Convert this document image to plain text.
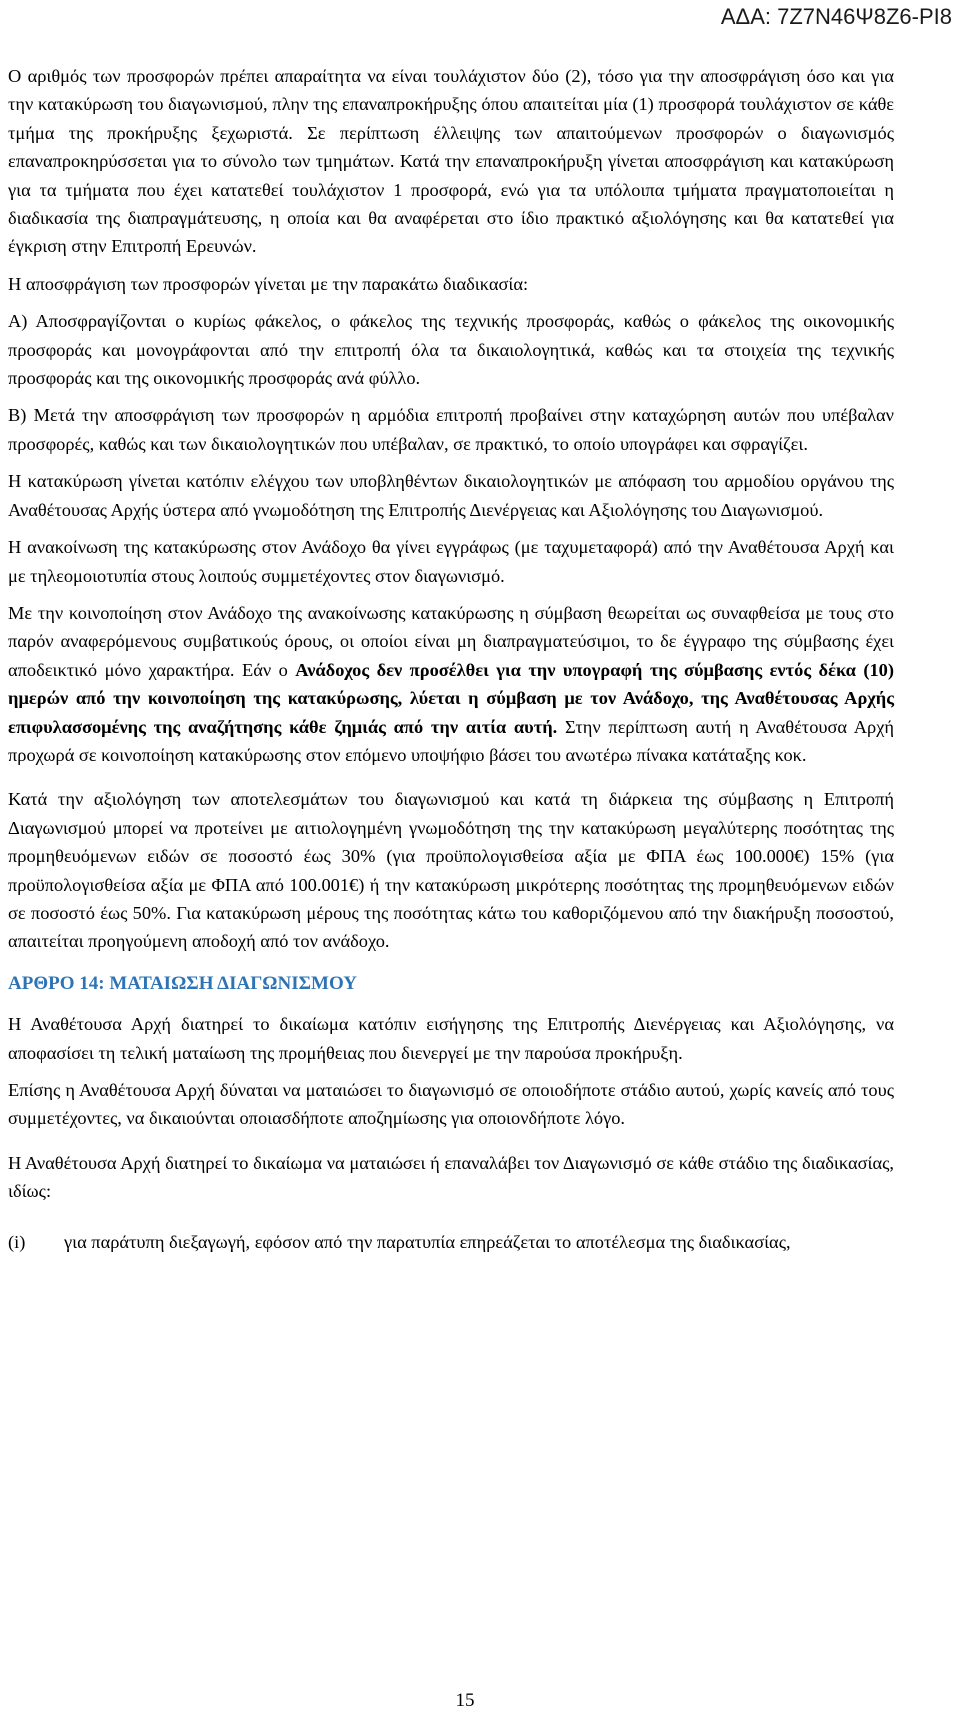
ΑΔΑ: 7Ζ7Ν46Ψ8Ζ6-ΡΙ8

Ο αριθμός των προσφορών πρέπει απαραίτητα να είναι τουλάχιστον δύο (2), τόσο για την αποσφράγιση όσο και για την κατακύρωση του διαγωνισμού, πλην της επαναπροκήρυξης όπου απαιτείται μία (1) προσφορά τουλάχιστον σε κάθε τμήμα της προκήρυξης ξεχωριστά. Σε περίπτωση έλλειψης των απαιτούμενων προσφορών ο διαγωνισμός επαναπροκηρύσσεται για το σύνολο των τμημάτων. Κατά την επαναπροκήρυξη γίνεται αποσφράγιση και κατακύρωση για τα τμήματα που έχει κατατεθεί τουλάχιστον 1 προσφορά, ενώ για τα υπόλοιπα τμήματα πραγματοποιείται η διαδικασία της διαπραγμάτευσης, η οποία και θα αναφέρεται στο ίδιο πρακτικό αξιολόγησης και θα κατατεθεί για έγκριση στην Επιτροπή Ερευνών.

Η αποσφράγιση των προσφορών γίνεται με την παρακάτω διαδικασία:

Α) Αποσφραγίζονται ο κυρίως φάκελος, ο φάκελος της τεχνικής προσφοράς, καθώς ο φάκελος της οικονομικής προσφοράς και μονογράφονται από την επιτροπή όλα τα δικαιολογητικά, καθώς και τα στοιχεία της τεχνικής προσφοράς και της οικονομικής προσφοράς ανά φύλλο.

Β) Μετά την αποσφράγιση των προσφορών η αρμόδια επιτροπή προβαίνει στην καταχώρηση αυτών που υπέβαλαν προσφορές, καθώς και των δικαιολογητικών που υπέβαλαν, σε πρακτικό, το οποίο υπογράφει και σφραγίζει.

Η κατακύρωση γίνεται κατόπιν ελέγχου των υποβληθέντων δικαιολογητικών με απόφαση του αρμοδίου οργάνου της Αναθέτουσας Αρχής ύστερα από γνωμοδότηση της Επιτροπής Διενέργειας και Αξιολόγησης του Διαγωνισμού.

Η ανακοίνωση της κατακύρωσης στον Ανάδοχο θα γίνει εγγράφως (με ταχυμεταφορά) από την Αναθέτουσα Αρχή και με τηλεομοιοτυπία στους λοιπούς συμμετέχοντες στον διαγωνισμό.

Με την κοινοποίηση στον Ανάδοχο της ανακοίνωσης κατακύρωσης η σύμβαση θεωρείται ως συναφθείσα με τους στο παρόν αναφερόμενους συμβατικούς όρους, οι οποίοι είναι μη διαπραγματεύσιμοι, το δε έγγραφο της σύμβασης έχει αποδεικτικό μόνο χαρακτήρα. Εάν ο Ανάδοχος δεν προσέλθει για την υπογραφή της σύμβασης εντός δέκα (10) ημερών από την κοινοποίηση της κατακύρωσης, λύεται η σύμβαση με τον Ανάδοχο, της Αναθέτουσας Αρχής επιφυλασσομένης της αναζήτησης κάθε ζημιάς από την αιτία αυτή. Στην περίπτωση αυτή η Αναθέτουσα Αρχή προχωρά σε κοινοποίηση κατακύρωσης στον επόμενο υποψήφιο βάσει του ανωτέρω πίνακα κατάταξης κοκ.

Κατά την αξιολόγηση των αποτελεσμάτων του διαγωνισμού και κατά τη διάρκεια της σύμβασης η Επιτροπή Διαγωνισμού μπορεί να προτείνει με αιτιολογημένη γνωμοδότηση της την κατακύρωση μεγαλύτερης ποσότητας της προμηθευόμενων ειδών σε ποσοστό έως 30% (για προϋπολογισθείσα αξία με ΦΠΑ έως 100.000€) 15% (για προϋπολογισθείσα αξία με ΦΠΑ από 100.001€) ή την κατακύρωση μικρότερης ποσότητας της προμηθευόμενων ειδών σε ποσοστό έως 50%. Για κατακύρωση μέρους της ποσότητας κάτω του καθοριζόμενου από την διακήρυξη ποσοστού, απαιτείται προηγούμενη αποδοχή από τον ανάδοχο.

ΑΡΘΡΟ 14: ΜΑΤΑΙΩΣΗ ΔΙΑΓΩΝΙΣΜΟΥ

Η Αναθέτουσα Αρχή διατηρεί το δικαίωμα κατόπιν εισήγησης της Επιτροπής Διενέργειας και Αξιολόγησης, να αποφασίσει τη τελική ματαίωση της προμήθειας που διενεργεί με την παρούσα προκήρυξη.

Επίσης η Αναθέτουσα Αρχή δύναται να ματαιώσει το διαγωνισμό σε οποιοδήποτε στάδιο αυτού, χωρίς κανείς από τους συμμετέχοντες, να δικαιούνται οποιασδήποτε αποζημίωσης για οποιονδήποτε λόγο.

Η Αναθέτουσα Αρχή διατηρεί το δικαίωμα να ματαιώσει ή επαναλάβει τον Διαγωνισμό σε κάθε στάδιο της διαδικασίας, ιδίως:

(i)	για παράτυπη διεξαγωγή, εφόσον από την παρατυπία επηρεάζεται το αποτέλεσμα της διαδικασίας,
15
